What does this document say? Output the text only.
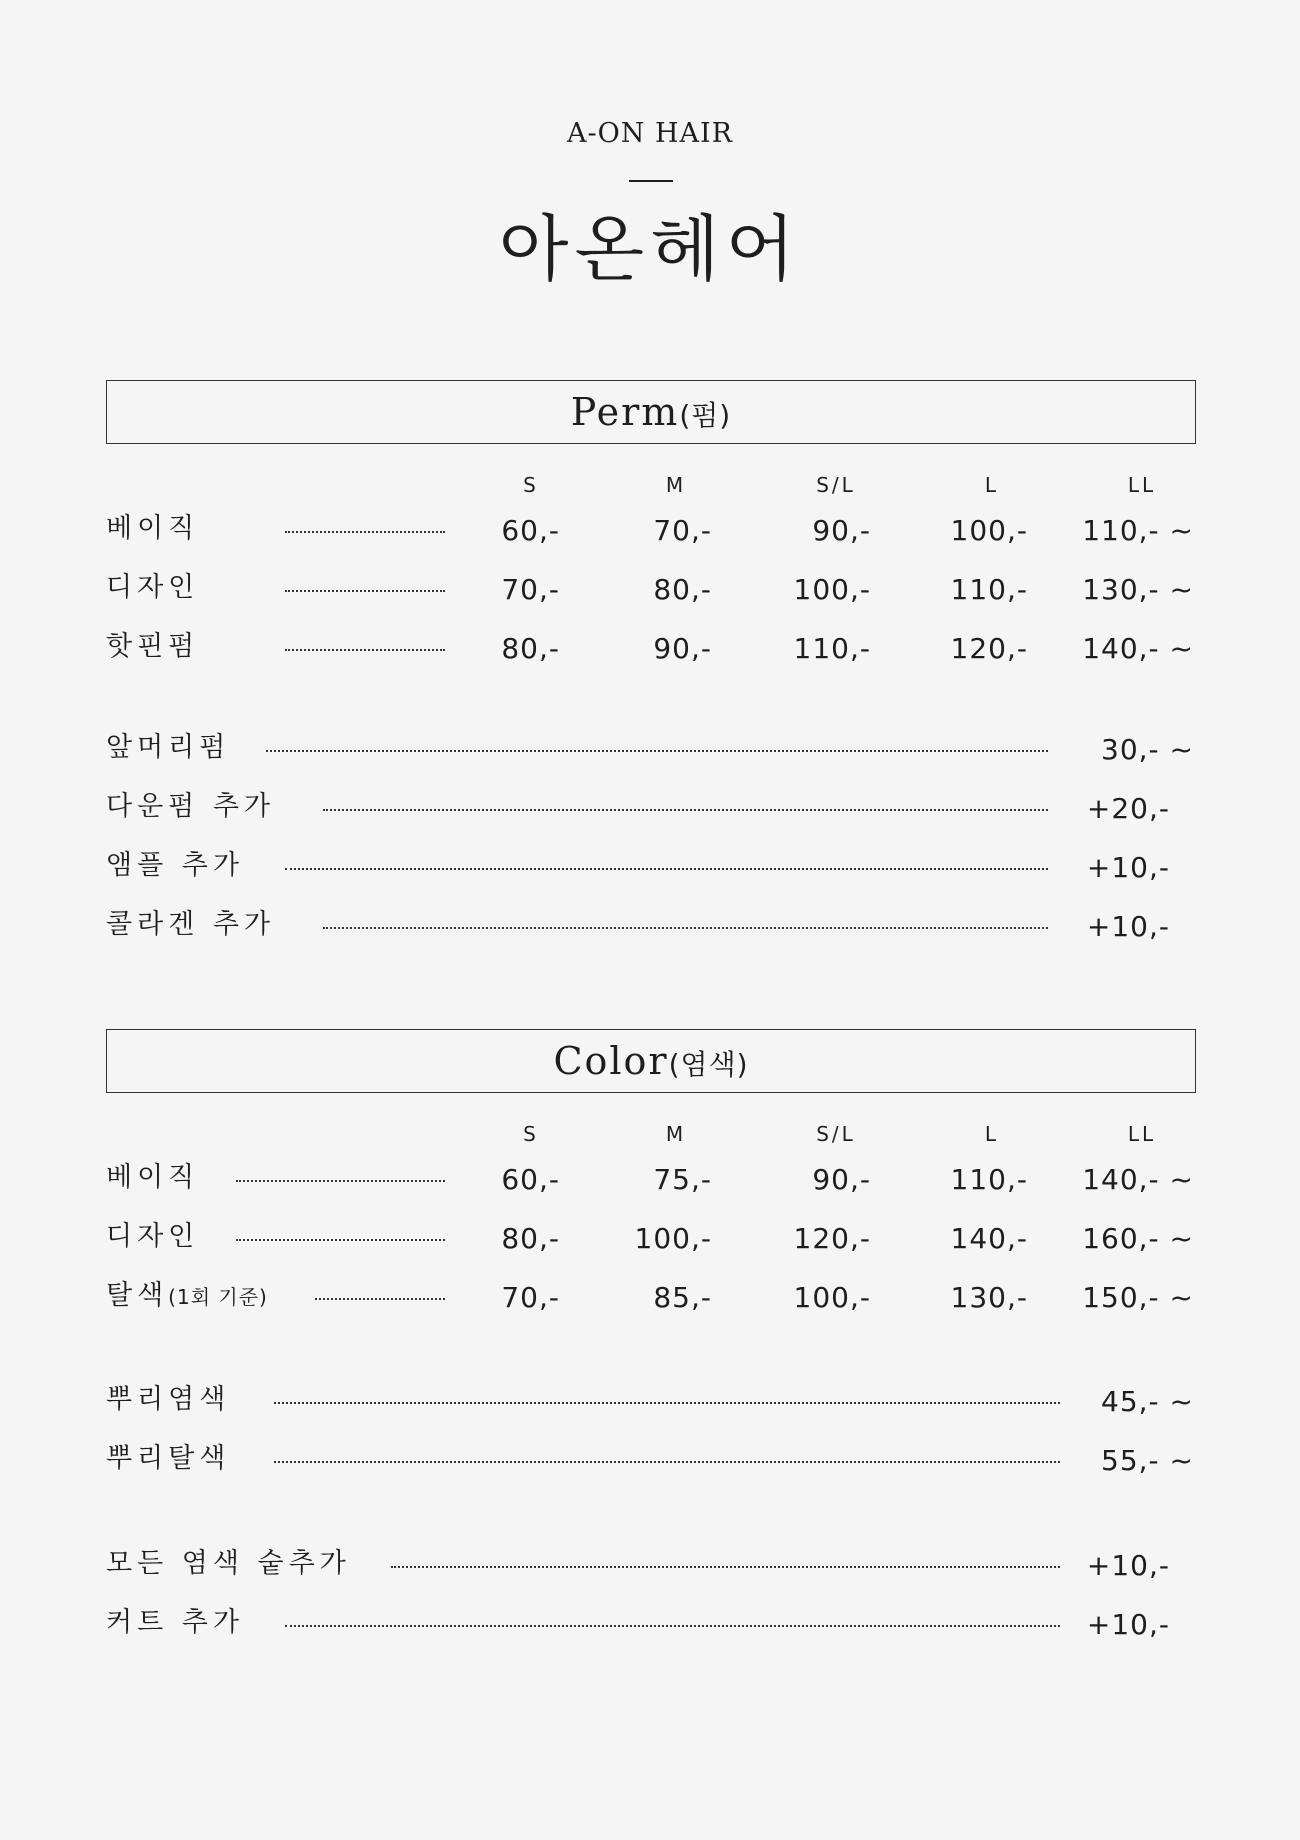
A-ON HAIR
아온헤어
Perm(펌)
S	M	S/L	L	LL
베이직	60,-	70,-	90,-	100,- 110,- ~
디자인	70,-	80,-	100,-	110,- 130,- ~
핫핀펌	80,-	90,-	110,-	120,- 140,- ~
앞머리펌	30,- ~
다운펌 추가	+20,-
앰플 추가	+10,-
콜라겐 추가	+10,-
Color(염색)
S	M	S/L	L	LL
베이직	60,-	75,-	90,-	110,- 140,- ~
디자인	80,-	100,-	120,-	140,- 160,- ~
탈색(1회 기준)	70,-	85,-	100,-	130,- 150,- ~
뿌리염색	45,- ~
뿌리탈색	55,- ~
모든 염색 숱추가	+10,-
커트 추가	+10,-
